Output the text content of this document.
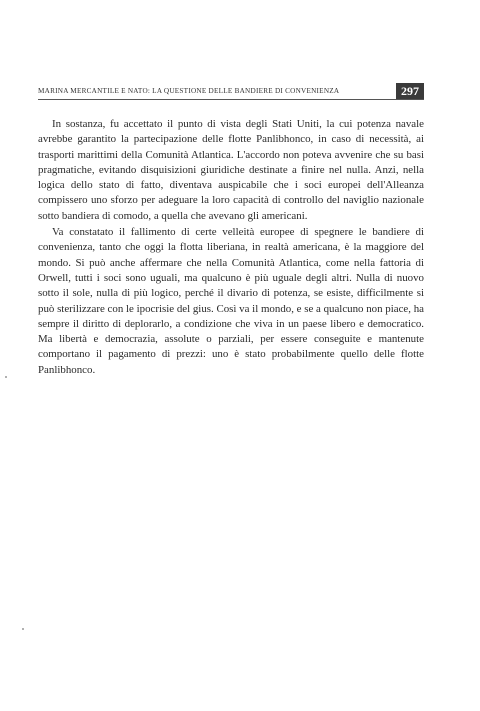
MARINA MERCANTILE E NATO: LA QUESTIONE DELLE BANDIERE DI CONVENIENZA	297

In sostanza, fu accettato il punto di vista degli Stati Uniti, la cui potenza navale avrebbe garantito la partecipazione delle flotte Panlibhonco, in caso di necessità, ai trasporti marittimi della Comunità Atlantica. L'accordo non poteva avvenire che su basi pragmatiche, evitando disquisizioni giuridiche destinate a finire nel nulla. Anzi, nella logica dello stato di fatto, diventava auspicabile che i soci europei dell'Alleanza compissero uno sforzo per adeguare la loro capacità di controllo del naviglio nazionale sotto bandiera di comodo, a quella che avevano gli americani.

Va constatato il fallimento di certe velleità europee di spegnere le bandiere di convenienza, tanto che oggi la flotta liberiana, in realtà americana, è la maggiore del mondo. Si può anche affermare che nella Comunità Atlantica, come nella fattoria di Orwell, tutti i soci sono uguali, ma qualcuno è più uguale degli altri. Nulla di nuovo sotto il sole, nulla di più logico, perché il divario di potenza, se esiste, difficilmente si può sterilizzare con le ipocrisie del gius. Così va il mondo, e se a qualcuno non piace, ha sempre il diritto di deplorarlo, a condizione che viva in un paese libero e democratico. Ma libertà e democrazia, assolute o parziali, per essere conseguite e mantenute comportano il pagamento di prezzi: uno è stato probabilmente quello delle flotte Panlibhonco.
